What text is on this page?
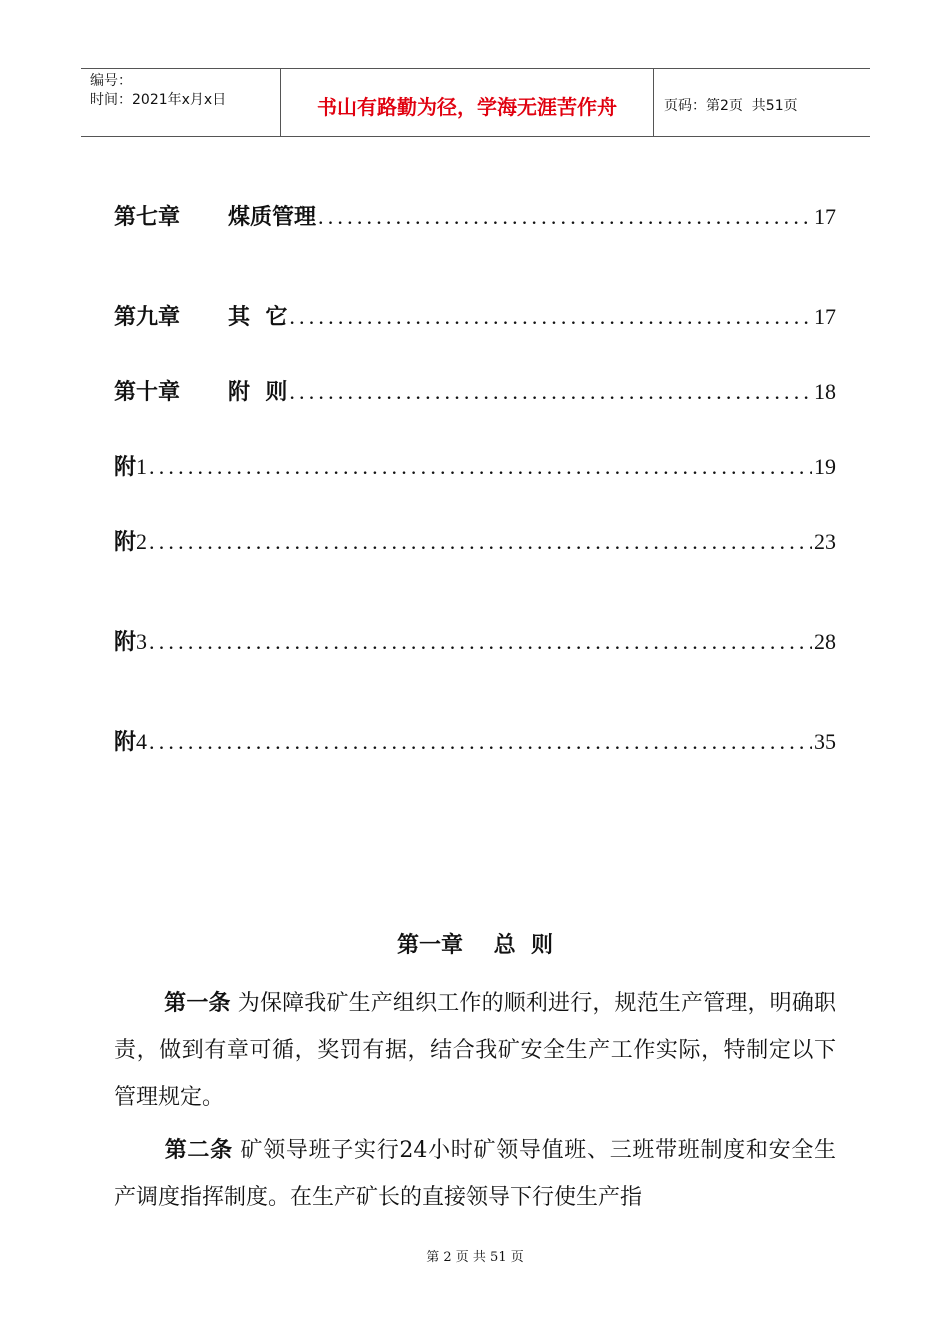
编号：
时间：2021年x月x日	书山有路勤为径，学海无涯苦作舟	页码：第2页  共51页
第七章	煤质管理 .....	17
第九章	其  它 .....	17
第十章	附  则 .....	18
附 1 .....	19
附 2 .....	23
附 3 .....	28
附 4 .....	35
第一章    总  则
第一条 为保障我矿生产组织工作的顺利进行，规范生产管理，明确职责，做到有章可循，奖罚有据，结合我矿安全生产工作实际，特制定以下管理规定。
第二条 矿领导班子实行24小时矿领导值班、三班带班制度和安全生产调度指挥制度。在生产矿长的直接领导下行使生产指
第 2 页 共 51 页
